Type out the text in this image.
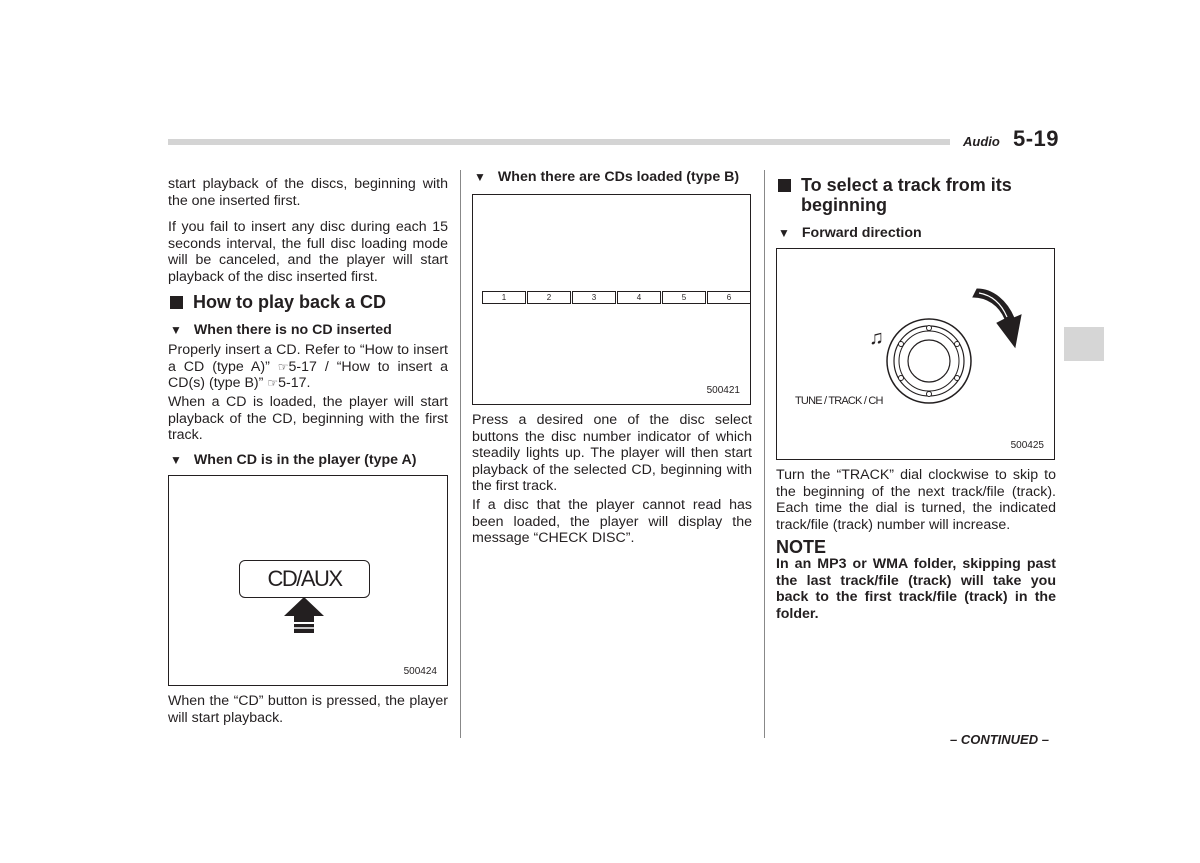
Audio 5-19

start playback of the discs, beginning with the one inserted first.

If you fail to insert any disc during each 15 seconds interval, the full disc loading mode will be canceled, and the player will start playback of the disc inserted first.

How to play back a CD
▼ When there is no CD inserted

Properly insert a CD. Refer to “How to insert a CD (type A)” ☞5-17 / “How to insert a CD(s) (type B)” ☞5-17.

When a CD is loaded, the player will start playback of the CD, beginning with the first track.

▼ When CD is in the player (type A)
CD/AUX
500424

When the “CD” button is pressed, the player will start playback.

▼ When there are CDs loaded (type B)
1	2	3	4	5	6
500421

Press a desired one of the disc select buttons the disc number indicator of which steadily lights up. The player will then start playback of the selected CD, beginning with the first track.

If a disc that the player cannot read has been loaded, the player will display the message “CHECK DISC”.

To select a track from its beginning
▼ Forward direction
♫
TUNE / TRACK / CH
500425

Turn the “TRACK” dial clockwise to skip to the beginning of the next track/file (track). Each time the dial is turned, the indicated track/file (track) number will increase.

NOTE

In an MP3 or WMA folder, skipping past the last track/file (track) will take you back to the first track/file (track) in the folder.

– CONTINUED –
